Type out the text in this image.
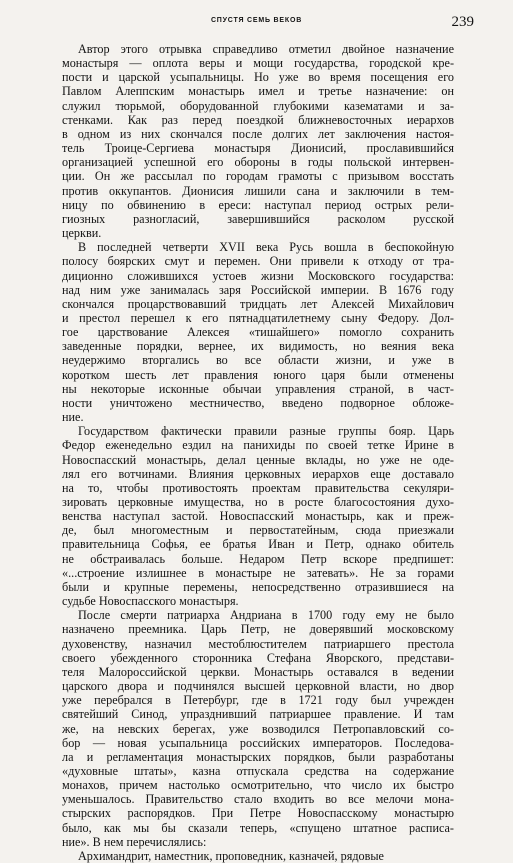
СПУСТЯ СЕМЬ ВЕКОВ	239
Автор этого отрывка справедливо отметил двойное назначение
монастыря — оплота веры и мощи государства, городской кре-
пости и царской усыпальницы. Но уже во время посещения его
Павлом Алеппским монастырь имел и третье назначение: он
служил тюрьмой, оборудованной глубокими казематами и за-
стенками. Как раз перед поездкой ближневосточных иерархов
в одном из них скончался после долгих лет заключения настоя-
тель Троице-Сергиева монастыря Дионисий, прославившийся
организацией успешной его обороны в годы польской интервен-
ции. Он же рассылал по городам грамоты с призывом восстать
против оккупантов. Дионисия лишили сана и заключили в тем-
ницу по обвинению в ереси: наступал период острых рели-
гиозных разногласий, завершившийся расколом русской
церкви.
В последней четверти XVII века Русь вошла в беспокойную
полосу боярских смут и перемен. Они привели к отходу от тра-
диционно сложившихся устоев жизни Московского государства:
над ним уже занималась заря Российской империи. В 1676 году
скончался процарствовавший тридцать лет Алексей Михайлович
и престол перешел к его пятнадцатилетнему сыну Федору. Дол-
гое царствование Алексея «тишайшего» помогло сохранить
заведенные порядки, вернее, их видимость, но веяния века
неудержимо вторгались во все области жизни, и уже в
коротком шесть лет правления юного царя были отменены
ны некоторые исконные обычаи управления страной, в част-
ности уничтожено местничество, введено подворное обложе-
ние.
Государством фактически правили разные группы бояр. Царь
Федор еженедельно ездил на панихиды по своей тетке Ирине в
Новоспасский монастырь, делал ценные вклады, но уже не оде-
лял его вотчинами. Влияния церковных иерархов еще доставало
на то, чтобы противостоять проектам правительства секуляри-
зировать церковные имущества, но в росте благосостояния духо-
венства наступал застой. Новоспасский монастырь, как и преж-
де, был многоместным и первостатейным, сюда приезжали
правительница Софья, ее братья Иван и Петр, однако обитель
не обстраивалась больше. Недаром Петр вскоре предпишет:
«...строение излишнее в монастыре не затевать». Не за горами
были и крупные перемены, непосредственно отразившиеся на
судьбе Новоспасского монастыря.
После смерти патриарха Андриана в 1700 году ему не было
назначено преемника. Царь Петр, не доверявший московскому
духовенству, назначил местоблюстителем патриаршего престола
своего убежденного сторонника Стефана Яворского, представи-
теля Малороссийской церкви. Монастырь оставался в ведении
царского двора и подчинялся высшей церковной власти, но двор
уже перебрался в Петербург, где в 1721 году был учрежден
святейший Синод, упразднивший патриаршее правление. И там
же, на невских берегах, уже возводился Петропавловский со-
бор — новая усыпальница российских императоров. Последова-
ла и регламентация монастырских порядков, были разработаны
«духовные штаты», казна отпускала средства на содержание
монахов, причем настолько осмотрительно, что число их быстро
уменьшалось. Правительство стало входить во все мелочи мона-
стырских распорядков. При Петре Новоспасскому монастырю
было, как мы бы сказали теперь, «спущено штатное расписа-
ние». В нем перечислялись:
Архимандрит, наместник, проповедник, казначей, рядовые
